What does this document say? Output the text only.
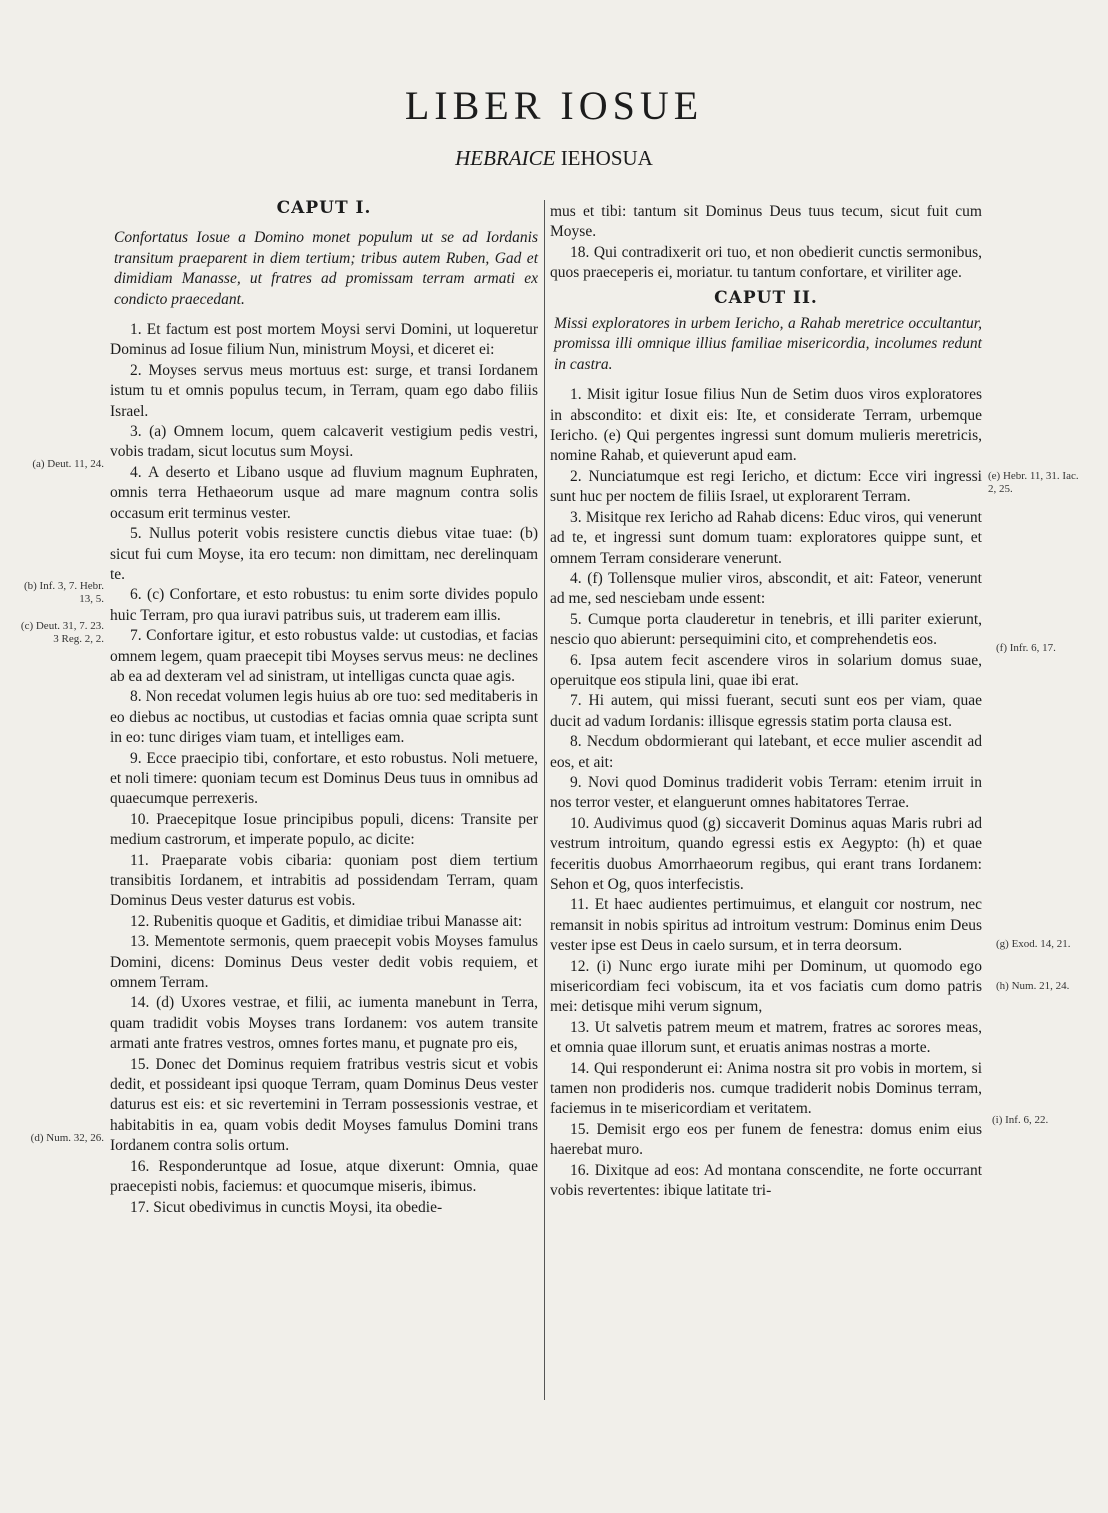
LIBER IOSUE
HEBRAICE IEHOSUA
CAPUT I.
Confortatus Iosue a Domino monet populum ut se ad Iordanis transitum praeparent in diem tertium; tribus autem Ruben, Gad et dimidiam Manasse, ut fratres ad promissam terram armati ex condicto praecedant.

1. Et factum est post mortem Moysi servi Domini, ut loqueretur Dominus ad Iosue filium Nun, ministrum Moysi, et diceret ei:

2. Moyses servus meus mortuus est: surge, et transi Iordanem istum tu et omnis populus tecum, in Terram, quam ego dabo filiis Israel.

3. (a) Omnem locum, quem calcaverit vestigium pedis vestri, vobis tradam, sicut locutus sum Moysi.

4. A deserto et Libano usque ad fluvium magnum Euphraten, omnis terra Hethaeorum usque ad mare magnum contra solis occasum erit terminus vester.

5. Nullus poterit vobis resistere cunctis diebus vitae tuae: (b) sicut fui cum Moyse, ita ero tecum: non dimittam, nec derelinquam te.

6. (c) Confortare, et esto robustus: tu enim sorte divides populo huic Terram, pro qua iuravi patribus suis, ut traderem eam illis.

7. Confortare igitur, et esto robustus valde: ut custodias, et facias omnem legem, quam praecepit tibi Moyses servus meus: ne declines ab ea ad dexteram vel ad sinistram, ut intelligas cuncta quae agis.

8. Non recedat volumen legis huius ab ore tuo: sed meditaberis in eo diebus ac noctibus, ut custodias et facias omnia quae scripta sunt in eo: tunc diriges viam tuam, et intelliges eam.

9. Ecce praecipio tibi, confortare, et esto robustus. Noli metuere, et noli timere: quoniam tecum est Dominus Deus tuus in omnibus ad quaecumque perrexeris.

10. Praecepitque Iosue principibus populi, dicens: Transite per medium castrorum, et imperate populo, ac dicite:

11. Praeparate vobis cibaria: quoniam post diem tertium transibitis Iordanem, et intrabitis ad possidendam Terram, quam Dominus Deus vester daturus est vobis.

12. Rubenitis quoque et Gaditis, et dimidiae tribui Manasse ait:

13. Mementote sermonis, quem praecepit vobis Moyses famulus Domini, dicens: Dominus Deus vester dedit vobis requiem, et omnem Terram.

14. (d) Uxores vestrae, et filii, ac iumenta manebunt in Terra, quam tradidit vobis Moyses trans Iordanem: vos autem transite armati ante fratres vestros, omnes fortes manu, et pugnate pro eis,

15. Donec det Dominus requiem fratribus vestris sicut et vobis dedit, et possideant ipsi quoque Terram, quam Dominus Deus vester daturus est eis: et sic revertemini in Terram possessionis vestrae, et habitabitis in ea, quam vobis dedit Moyses famulus Domini trans Iordanem contra solis ortum.

16. Responderuntque ad Iosue, atque dixerunt: Omnia, quae praecepisti nobis, faciemus: et quocumque miseris, ibimus.

17. Sicut obedivimus in cunctis Moysi, ita obedie-

mus et tibi: tantum sit Dominus Deus tuus tecum, sicut fuit cum Moyse.

18. Qui contradixerit ori tuo, et non obedierit cunctis sermonibus, quos praeceperis ei, moriatur. tu tantum confortare, et viriliter age.

CAPUT II.
Missi exploratores in urbem Iericho, a Rahab meretrice occultantur, promissa illi omnique illius familiae misericordia, incolumes redunt in castra.

1. Misit igitur Iosue filius Nun de Setim duos viros exploratores in abscondito: et dixit eis: Ite, et considerate Terram, urbemque Iericho. (e) Qui pergentes ingressi sunt domum mulieris meretricis, nomine Rahab, et quieverunt apud eam.

2. Nunciatumque est regi Iericho, et dictum: Ecce viri ingressi sunt huc per noctem de filiis Israel, ut explorarent Terram.

3. Misitque rex Iericho ad Rahab dicens: Educ viros, qui venerunt ad te, et ingressi sunt domum tuam: exploratores quippe sunt, et omnem Terram considerare venerunt.

4. (f) Tollensque mulier viros, abscondit, et ait: Fateor, venerunt ad me, sed nesciebam unde essent:

5. Cumque porta clauderetur in tenebris, et illi pariter exierunt, nescio quo abierunt: persequimini cito, et comprehendetis eos.

6. Ipsa autem fecit ascendere viros in solarium domus suae, operuitque eos stipula lini, quae ibi erat.

7. Hi autem, qui missi fuerant, secuti sunt eos per viam, quae ducit ad vadum Iordanis: illisque egressis statim porta clausa est.

8. Necdum obdormierant qui latebant, et ecce mulier ascendit ad eos, et ait:

9. Novi quod Dominus tradiderit vobis Terram: etenim irruit in nos terror vester, et elanguerunt omnes habitatores Terrae.

10. Audivimus quod (g) siccaverit Dominus aquas Maris rubri ad vestrum introitum, quando egressi estis ex Aegypto: (h) et quae feceritis duobus Amorrhaeorum regibus, qui erant trans Iordanem: Sehon et Og, quos interfecistis.

11. Et haec audientes pertimuimus, et elanguit cor nostrum, nec remansit in nobis spiritus ad introitum vestrum: Dominus enim Deus vester ipse est Deus in caelo sursum, et in terra deorsum.

12. (i) Nunc ergo iurate mihi per Dominum, ut quomodo ego misericordiam feci vobiscum, ita et vos faciatis cum domo patris mei: detisque mihi verum signum,

13. Ut salvetis patrem meum et matrem, fratres ac sorores meas, et omnia quae illorum sunt, et eruatis animas nostras a morte.

14. Qui responderunt ei: Anima nostra sit pro vobis in mortem, si tamen non prodideris nos. cumque tradiderit nobis Dominus terram, faciemus in te misericordiam et veritatem.

15. Demisit ergo eos per funem de fenestra: domus enim eius haerebat muro.

16. Dixitque ad eos: Ad montana conscendite, ne forte occurrant vobis revertentes: ibique latitate tri-

(a) Deut. 11, 24.
(b) Inf. 3, 7. Hebr. 13, 5.
(c) Deut. 31, 7. 23. 3 Reg. 2, 2.
(d) Num. 32, 26.
(e) Hebr. 11, 31. Iac. 2, 25.
(f) Infr. 6, 17.
(g) Exod. 14, 21.
(h) Num. 21, 24.
(i) Inf. 6, 22.
